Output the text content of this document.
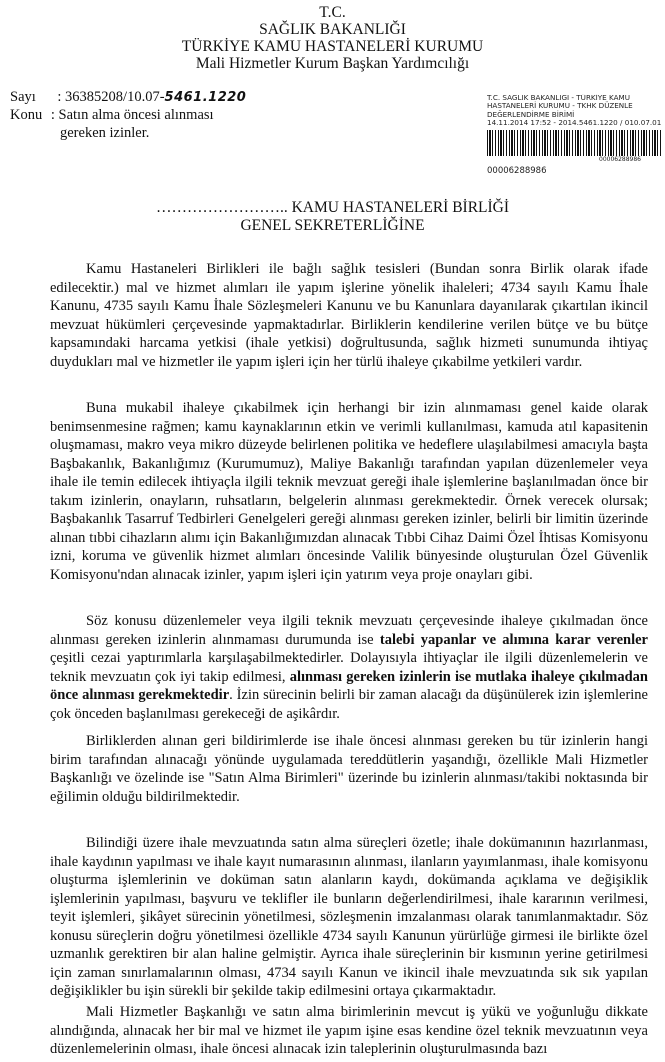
T.C.
SAĞLIK BAKANLIĞI
TÜRKİYE KAMU HASTANELERİ KURUMU
Mali Hizmetler Kurum Başkan Yardımcılığı
Sayı : 36385208/10.07-5461.1220
Konu : Satın alma öncesi alınması
gereken izinler.
T.C. SAĞLIK BAKANLIĞI - TÜRKİYE KAMU
HASTANELERİ KURUMU - TKHK DÜZENLE
DEĞERLENDİRME BİRİMİ
14.11.2014 17:52 - 2014.5461.1220 / 010.07.01
00006288986
00006288986
…………………….. KAMU HASTANELERİ BİRLİĞİ
GENEL SEKRETERLİĞİNE

Kamu Hastaneleri Birlikleri ile bağlı sağlık tesisleri (Bundan sonra Birlik olarak ifade edilecektir.) mal ve hizmet alımları ile yapım işlerine yönelik ihaleleri; 4734 sayılı Kamu İhale Kanunu, 4735 sayılı Kamu İhale Sözleşmeleri Kanunu ve bu Kanunlara dayanılarak çıkartılan ikincil mevzuat hükümleri çerçevesinde yapmaktadırlar. Birliklerin kendilerine verilen bütçe ve bu bütçe kapsamındaki harcama yetkisi (ihale yetkisi) doğrultusunda, sağlık hizmeti sunumunda ihtiyaç duydukları mal ve hizmetler ile yapım işleri için her türlü ihaleye çıkabilme yetkileri vardır.

Buna mukabil ihaleye çıkabilmek için herhangi bir izin alınmaması genel kaide olarak benimsenmesine rağmen; kamu kaynaklarının etkin ve verimli kullanılması, kamuda atıl kapasitenin oluşmaması, makro veya mikro düzeyde belirlenen politika ve hedeflere ulaşılabilmesi amacıyla başta Başbakanlık, Bakanlığımız (Kurumumuz), Maliye Bakanlığı tarafından yapılan düzenlemeler veya ihale ile temin edilecek ihtiyaçla ilgili teknik mevzuat gereği ihale işlemlerine başlanılmadan önce bir takım izinlerin, onayların, ruhsatların, belgelerin alınması gerekmektedir. Örnek verecek olursak; Başbakanlık Tasarruf Tedbirleri Genelgeleri gereği alınması gereken izinler, belirli bir limitin üzerinde alınan tıbbi cihazların alımı için Bakanlığımızdan alınacak Tıbbi Cihaz Daimi Özel İhtisas Komisyonu izni, koruma ve güvenlik hizmet alımları öncesinde Valilik bünyesinde oluşturulan Özel Güvenlik Komisyonu'ndan alınacak izinler, yapım işleri için yatırım veya proje onayları gibi.

Söz konusu düzenlemeler veya ilgili teknik mevzuatı çerçevesinde ihaleye çıkılmadan önce alınması gereken izinlerin alınmaması durumunda ise talebi yapanlar ve alımına karar verenler çeşitli cezai yaptırımlarla karşılaşabilmektedirler. Dolayısıyla ihtiyaçlar ile ilgili düzenlemelerin ve teknik mevzuatın çok iyi takip edilmesi, alınması gereken izinlerin ise mutlaka ihaleye çıkılmadan önce alınması gerekmektedir. İzin sürecinin belirli bir zaman alacağı da düşünülerek izin işlemlerine çok önceden başlanılması gerekeceği de aşikârdır.

Birliklerden alınan geri bildirimlerde ise ihale öncesi alınması gereken bu tür izinlerin hangi birim tarafından alınacağı yönünde uygulamada tereddütlerin yaşandığı, özellikle Mali Hizmetler Başkanlığı ve özelinde ise "Satın Alma Birimleri" üzerinde bu izinlerin alınması/takibi noktasında bir eğilimin olduğu bildirilmektedir.

Bilindiği üzere ihale mevzuatında satın alma süreçleri özetle; ihale dokümanının hazırlanması, ihale kaydının yapılması ve ihale kayıt numarasının alınması, ilanların yayımlanması, ihale komisyonu oluşturma işlemlerinin ve doküman satın alanların kaydı, dokümanda açıklama ve değişiklik işlemlerinin yapılması, başvuru ve teklifler ile bunların değerlendirilmesi, ihale kararının verilmesi, teyit işlemleri, şikâyet sürecinin yönetilmesi, sözleşmenin imzalanması olarak tanımlanmaktadır. Söz konusu süreçlerin doğru yönetilmesi özellikle 4734 sayılı Kanunun yürürlüğe girmesi ile birlikte özel uzmanlık gerektiren bir alan haline gelmiştir. Ayrıca ihale süreçlerinin bir kısmının yerine getirilmesi için zaman sınırlamalarının olması, 4734 sayılı Kanun ve ikincil ihale mevzuatında sık sık yapılan değişiklikler bu işin sürekli bir şekilde takip edilmesini ortaya çıkarmaktadır.

Mali Hizmetler Başkanlığı ve satın alma birimlerinin mevcut iş yükü ve yoğunluğu dikkate alındığında, alınacak her bir mal ve hizmet ile yapım işine esas kendine özel teknik mevzuatının veya düzenlemelerinin olması, ihale öncesi alınacak izin taleplerinin oluşturulmasında bazı
